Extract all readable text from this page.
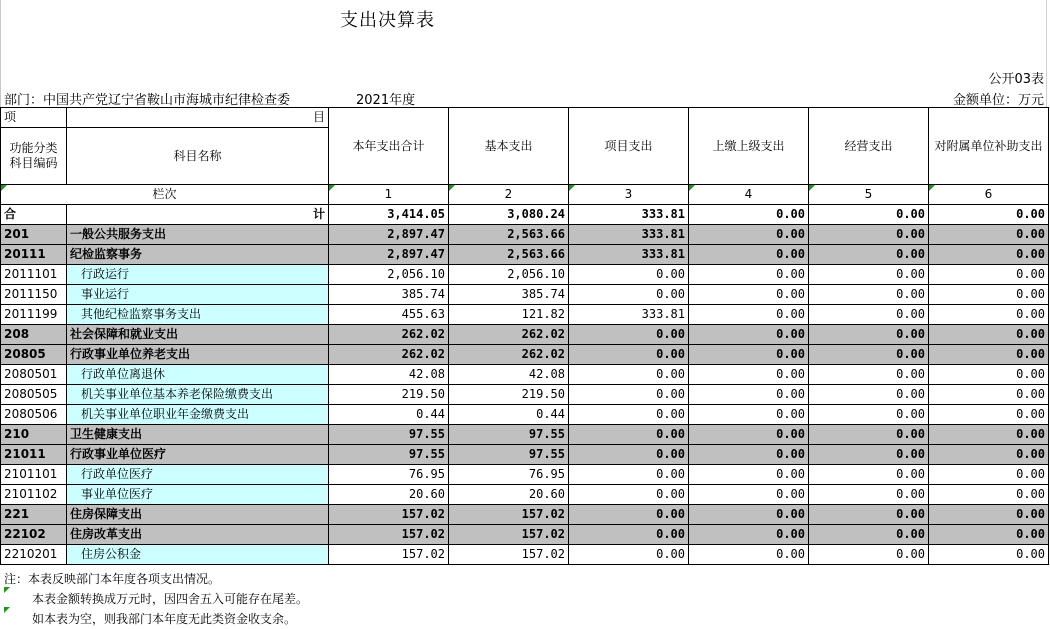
支出决算表
公开03表
部门：中国共产党辽宁省鞍山市海城市纪律检查委	2021年度	金额单位：万元
项	目	本年支出合计	基本支出	项目支出	上缴上级支出	经营支出	对附属单位补助支出
功能分类科目编码	科目名称						

栏次		1	2	3	4	5	6
合	计	3,414.05	3,080.24	333.81	0.00	0.00	0.00
201	一般公共服务支出	2,897.47	2,563.66	333.81	0.00	0.00	0.00
20111	纪检监察事务	2,897.47	2,563.66	333.81	0.00	0.00	0.00
2011101	行政运行	2,056.10	2,056.10	0.00	0.00	0.00	0.00
2011150	事业运行	385.74	385.74	0.00	0.00	0.00	0.00
2011199	其他纪检监察事务支出	455.63	121.82	333.81	0.00	0.00	0.00
208	社会保障和就业支出	262.02	262.02	0.00	0.00	0.00	0.00
20805	行政事业单位养老支出	262.02	262.02	0.00	0.00	0.00	0.00
2080501	行政单位离退休	42.08	42.08	0.00	0.00	0.00	0.00
2080505	机关事业单位基本养老保险缴费支出	219.50	219.50	0.00	0.00	0.00	0.00
2080506	机关事业单位职业年金缴费支出	0.44	0.44	0.00	0.00	0.00	0.00
210	卫生健康支出	97.55	97.55	0.00	0.00	0.00	0.00
21011	行政事业单位医疗	97.55	97.55	0.00	0.00	0.00	0.00
2101101	行政单位医疗	76.95	76.95	0.00	0.00	0.00	0.00
2101102	事业单位医疗	20.60	20.60	0.00	0.00	0.00	0.00
221	住房保障支出	157.02	157.02	0.00	0.00	0.00	0.00
22102	住房改革支出	157.02	157.02	0.00	0.00	0.00	0.00
2210201	住房公积金	157.02	157.02	0.00	0.00	0.00	0.00
注：本表反映部门本年度各项支出情况。
本表金额转换成万元时，因四舍五入可能存在尾差。
如本表为空，则我部门本年度无此类资金收支余。
